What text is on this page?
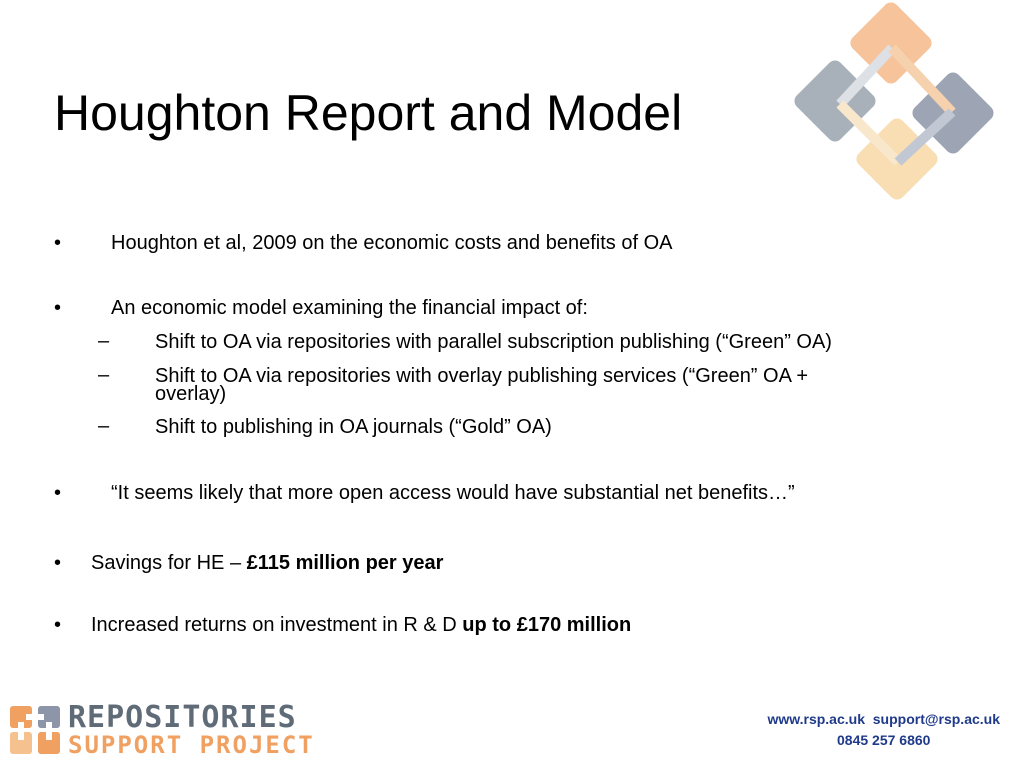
Houghton Report and Model
• Houghton et al, 2009 on the economic costs and benefits of OA
• An economic model examining the financial impact of:
– Shift to OA via repositories with parallel subscription publishing (“Green” OA)
– Shift to OA via repositories with overlay publishing services (“Green” OA +
overlay)
– Shift to publishing in OA journals (“Gold” OA)
• “It seems likely that more open access would have substantial net benefits…”
• Savings for HE – £115 million per year
• Increased returns on investment in R & D up to £170 million
REPOSITORIES
SUPPORT PROJECT
www.rsp.ac.uk support@rsp.ac.uk
0845 257 6860
